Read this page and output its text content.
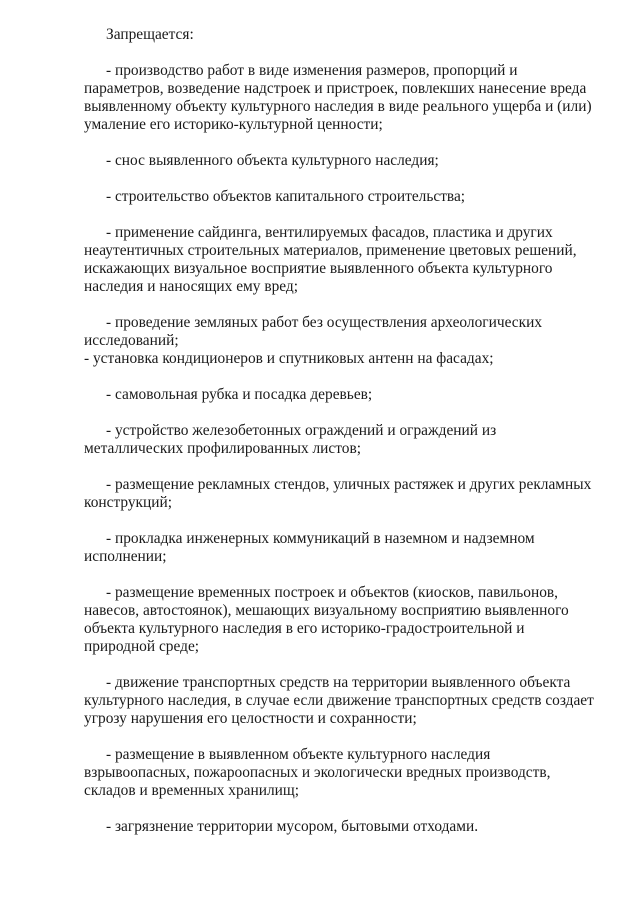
Запрещается:

- производство работ в виде изменения размеров, пропорций и параметров, возведение надстроек и пристроек, повлекших нанесение вреда выявленному объекту культурного наследия в виде реального ущерба и (или) умаление его историко-культурной ценности;

- снос выявленного объекта культурного наследия;

- строительство объектов капитального строительства;

- применение сайдинга, вентилируемых фасадов, пластика и других неаутентичных строительных материалов, применение цветовых решений, искажающих визуальное восприятие выявленного объекта культурного наследия и наносящих ему вред;

- проведение земляных работ без осуществления археологических исследований;

- установка кондиционеров и спутниковых антенн на фасадах;

- самовольная рубка и посадка деревьев;

- устройство железобетонных ограждений и ограждений из металлических профилированных листов;

- размещение рекламных стендов, уличных растяжек и других рекламных конструкций;

- прокладка инженерных коммуникаций в наземном и надземном исполнении;

- размещение временных построек и объектов (киосков, павильонов, навесов, автостоянок), мешающих визуальному восприятию выявленного объекта культурного наследия в его историко-градостроительной и природной среде;

- движение транспортных средств на территории выявленного объекта культурного наследия, в случае если движение транспортных средств создает угрозу нарушения его целостности и сохранности;

- размещение в выявленном объекте культурного наследия взрывоопасных, пожароопасных и экологически вредных производств, складов и временных хранилищ;

- загрязнение территории мусором, бытовыми отходами.
